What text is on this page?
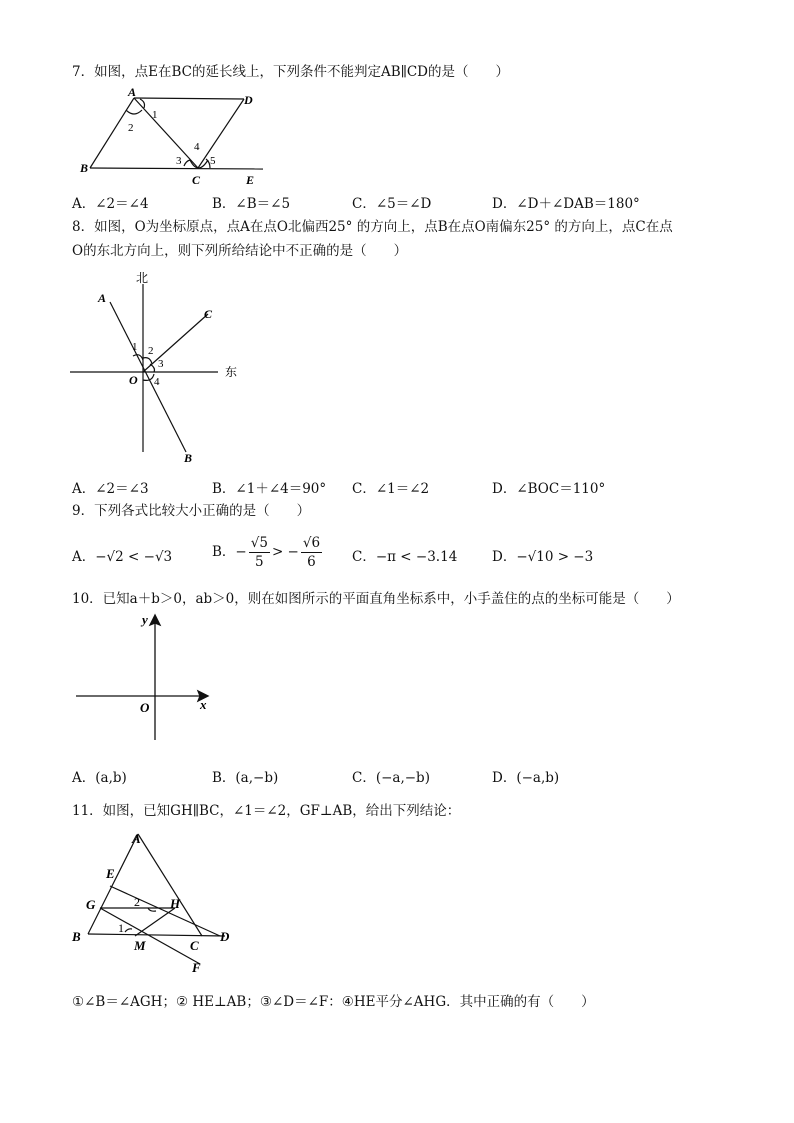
7．如图，点E在BC的延长线上，下列条件不能判定AB∥CD的是（　　）
A
D
1
2
4
3	5
B
C	E
A．∠2＝∠4	B．∠B＝∠5	C．∠5＝∠D	D．∠D＋∠DAB＝180°
8．如图，O为坐标原点，点A在点O北偏西25° 的方向上，点B在点O南偏东25° 的方向上，点C在点
O的东北方向上，则下列所给结论中不正确的是（　　）
北
A
C
1 2
3
东
O 4
B
A．∠2＝∠3	B．∠1＋∠4＝90° C．∠1＝∠2	D．∠BOC＝110°
9．下列各式比较大小正确的是（　　）
A．−√2 < −√3	B．− $\frac{√5}{5}$ > − $\frac{√6}{6}$ C．−π < −3.14	D．−√10 > −3
10．已知a＋b＞0，ab＞0，则在如图所示的平面直角坐标系中，小手盖住的点的坐标可能是（　　）
y
x
O
A．(a,b)	B．(a,−b)	C．(−a,−b)	D．(−a,b)
11．如图，已知GH∥BC，∠1＝∠2，GF⊥AB，给出下列结论：
A
E
G	2 H
B
1
M	C
D
F
①∠B＝∠AGH；② HE⊥AB；③∠D＝∠F：④HE平分∠AHG．其中正确的有（　　）
